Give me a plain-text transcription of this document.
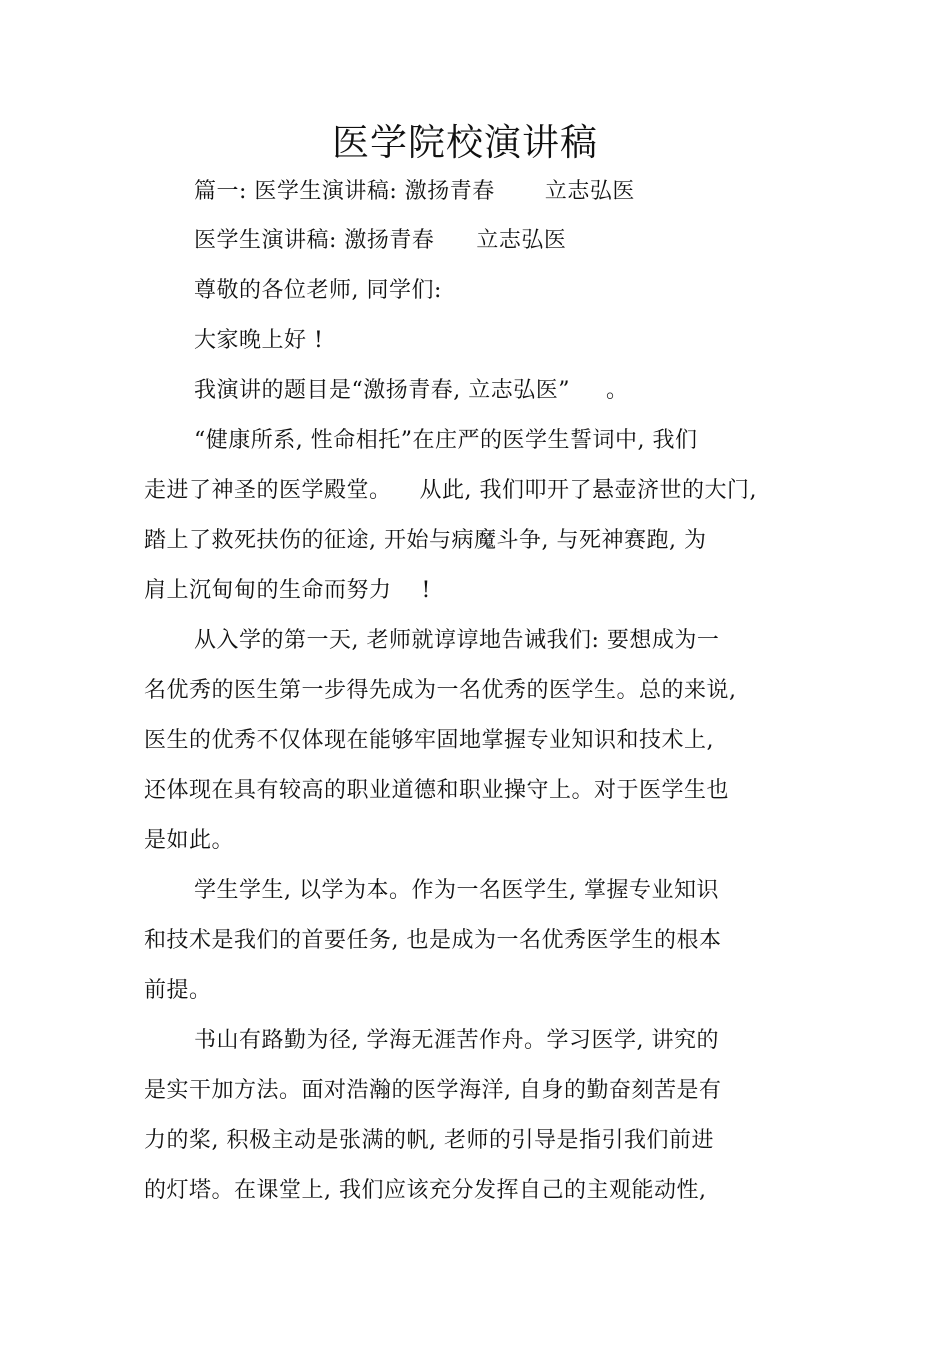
医学院校演讲稿
篇一: 医学生演讲稿: 激扬青春 立志弘医
医学生演讲稿: 激扬青春 立志弘医
尊敬的各位老师, 同学们:
大家晚上好 !
我演讲的题目是“激扬青春, 立志弘医” 。
“健康所系, 性命相托”在庄严的医学生誓词中, 我们
走进了神圣的医学殿堂。 从此, 我们叩开了悬壶济世的大门,
踏上了救死扶伤的征途, 开始与病魔斗争, 与死神赛跑, 为
肩上沉甸甸的生命而努力 !
从入学的第一天, 老师就谆谆地告诫我们: 要想成为一
名优秀的医生第一步得先成为一名优秀的医学生。总的来说,
医生的优秀不仅体现在能够牢固地掌握专业知识和技术上,
还体现在具有较高的职业道德和职业操守上。对于医学生也
是如此。
学生学生, 以学为本。作为一名医学生, 掌握专业知识
和技术是我们的首要任务, 也是成为一名优秀医学生的根本
前提。
书山有路勤为径, 学海无涯苦作舟。学习医学, 讲究的
是实干加方法。面对浩瀚的医学海洋, 自身的勤奋刻苦是有
力的桨, 积极主动是张满的帆, 老师的引导是指引我们前进
的灯塔。在课堂上, 我们应该充分发挥自己的主观能动性,
